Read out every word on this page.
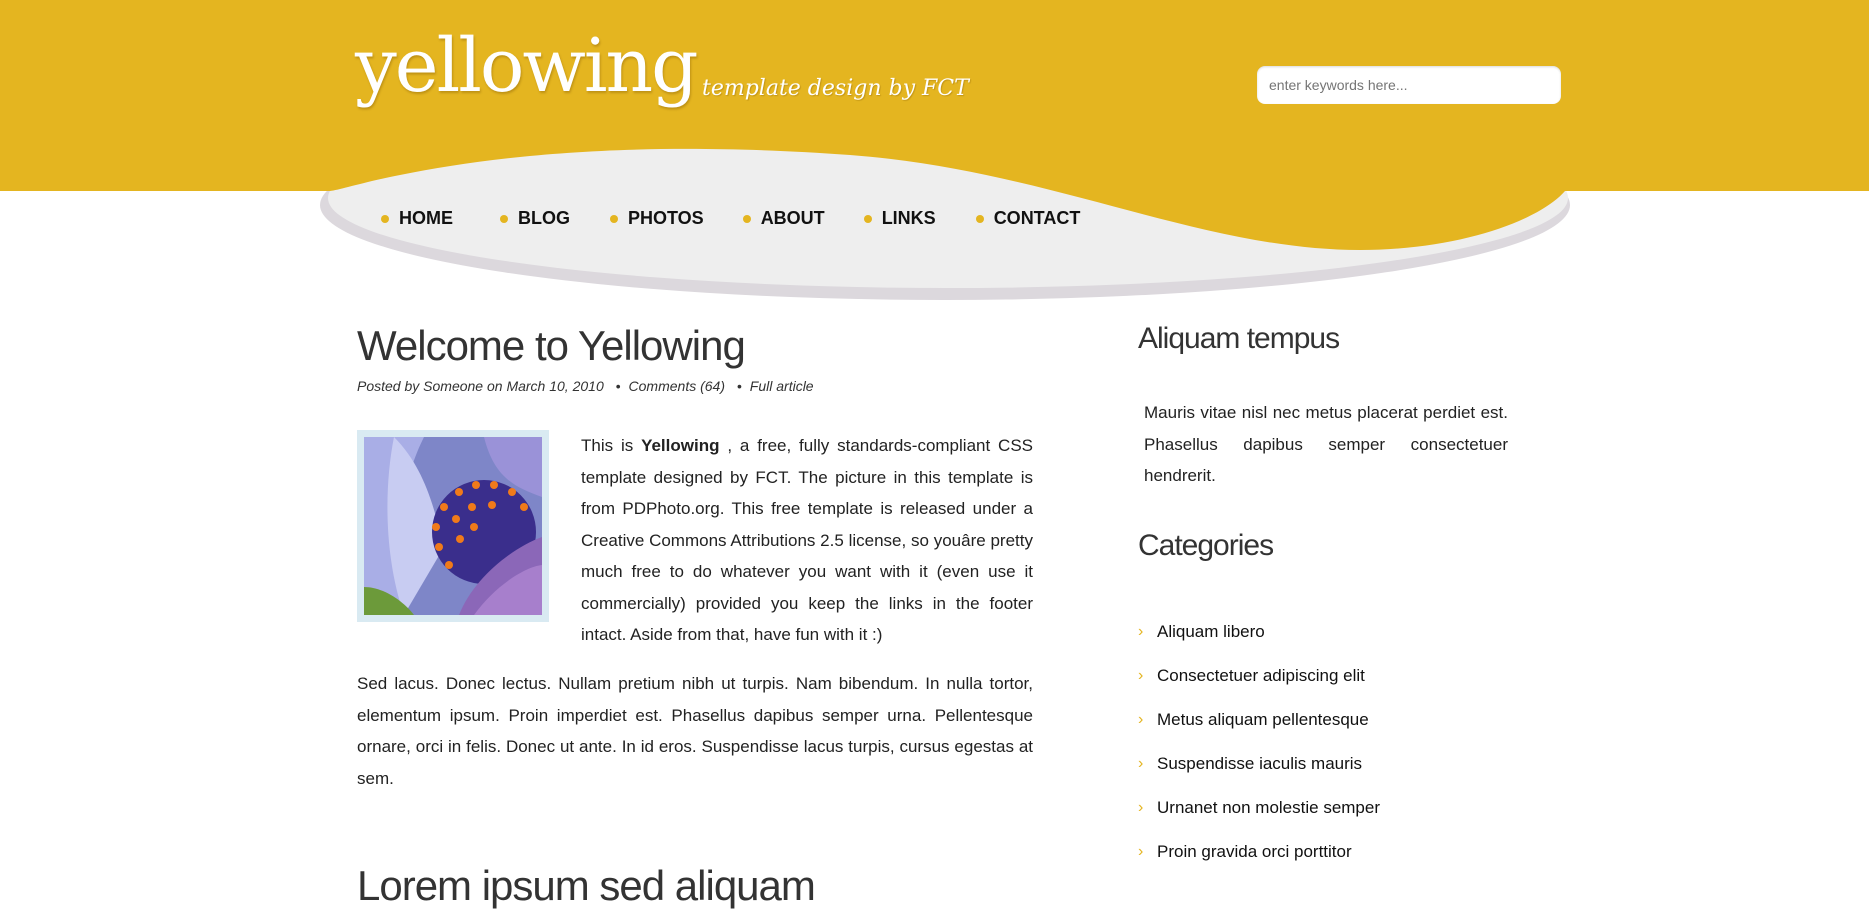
yellowing template design by FCT
enter keywords here...
HOME	BLOG	PHOTOS	ABOUT	LINKS	CONTACT
Welcome to Yellowing
Posted by Someone on March 10, 2010 • Comments (64) • Full article

This is Yellowing , a free, fully standards-compliant CSS template designed by FCT. The picture in this template is from PDPhoto.org. This free template is released under a Creative Commons Attributions 2.5 license, so youâre pretty much free to do whatever you want with it (even use it commercially) provided you keep the links in the footer intact. Aside from that, have fun with it :)

Sed lacus. Donec lectus. Nullam pretium nibh ut turpis. Nam bibendum. In nulla tortor, elementum ipsum. Proin imperdiet est. Phasellus dapibus semper urna. Pellentesque ornare, orci in felis. Donec ut ante. In id eros. Suspendisse lacus turpis, cursus egestas at sem.

Lorem ipsum sed aliquam
Aliquam tempus

Mauris vitae nisl nec metus placerat perdiet est. Phasellus dapibus semper consectetuer hendrerit.

Categories
› Aliquam libero
› Consectetuer adipiscing elit
› Metus aliquam pellentesque
› Suspendisse iaculis mauris
› Urnanet non molestie semper
› Proin gravida orci porttitor
